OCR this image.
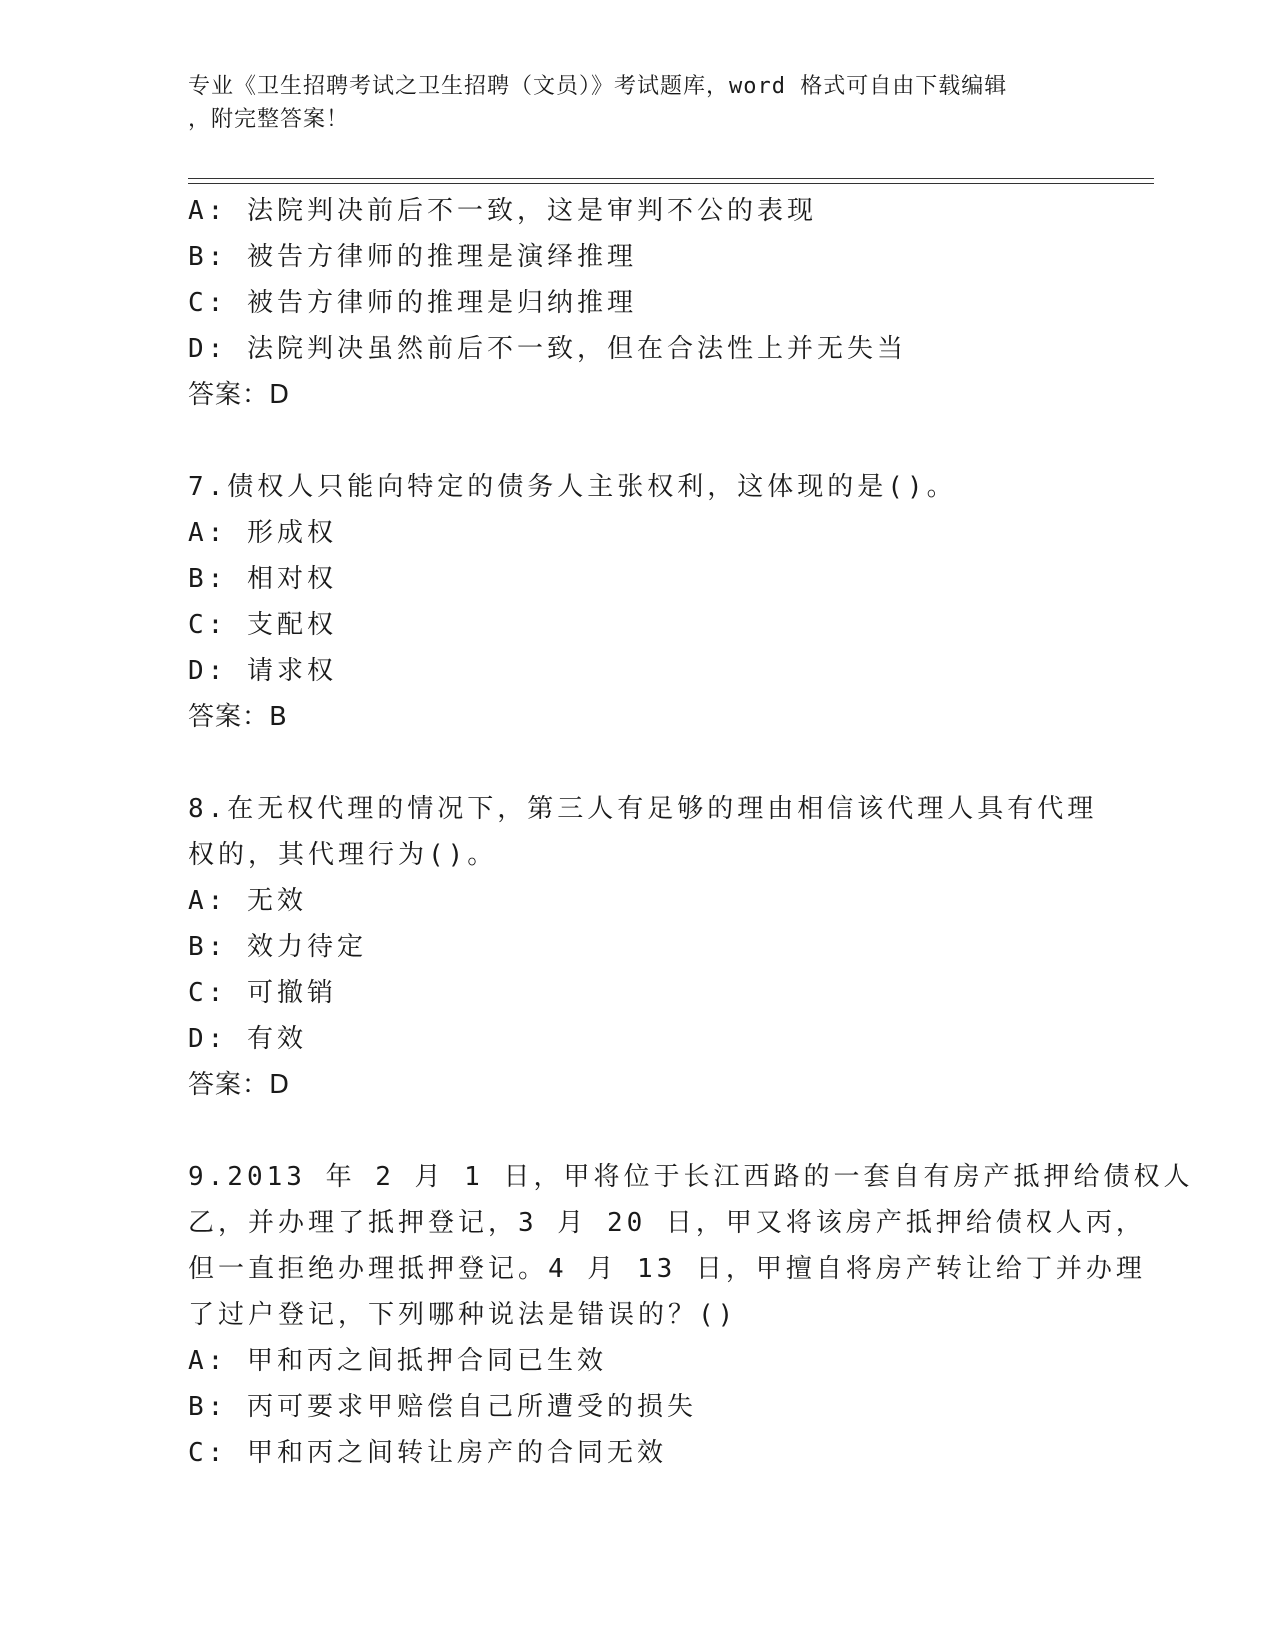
专业《卫生招聘考试之卫生招聘（文员）》考试题库，word 格式可自由下载编辑
，附完整答案！
A: 法院判决前后不一致，这是审判不公的表现
B: 被告方律师的推理是演绎推理
C: 被告方律师的推理是归纳推理
D: 法院判决虽然前后不一致，但在合法性上并无失当
答案：D
7.债权人只能向特定的债务人主张权利，这体现的是()。
A: 形成权
B: 相对权
C: 支配权
D: 请求权
答案：B
8.在无权代理的情况下，第三人有足够的理由相信该代理人具有代理
权的，其代理行为()。
A: 无效
B: 效力待定
C: 可撤销
D: 有效
答案：D
9.2013 年 2 月 1 日，甲将位于长江西路的一套自有房产抵押给债权人
乙，并办理了抵押登记，3 月 20 日，甲又将该房产抵押给债权人丙，
但一直拒绝办理抵押登记。4 月 13 日，甲擅自将房产转让给丁并办理
了过户登记，下列哪种说法是错误的？()
A: 甲和丙之间抵押合同已生效
B: 丙可要求甲赔偿自己所遭受的损失
C: 甲和丙之间转让房产的合同无效
